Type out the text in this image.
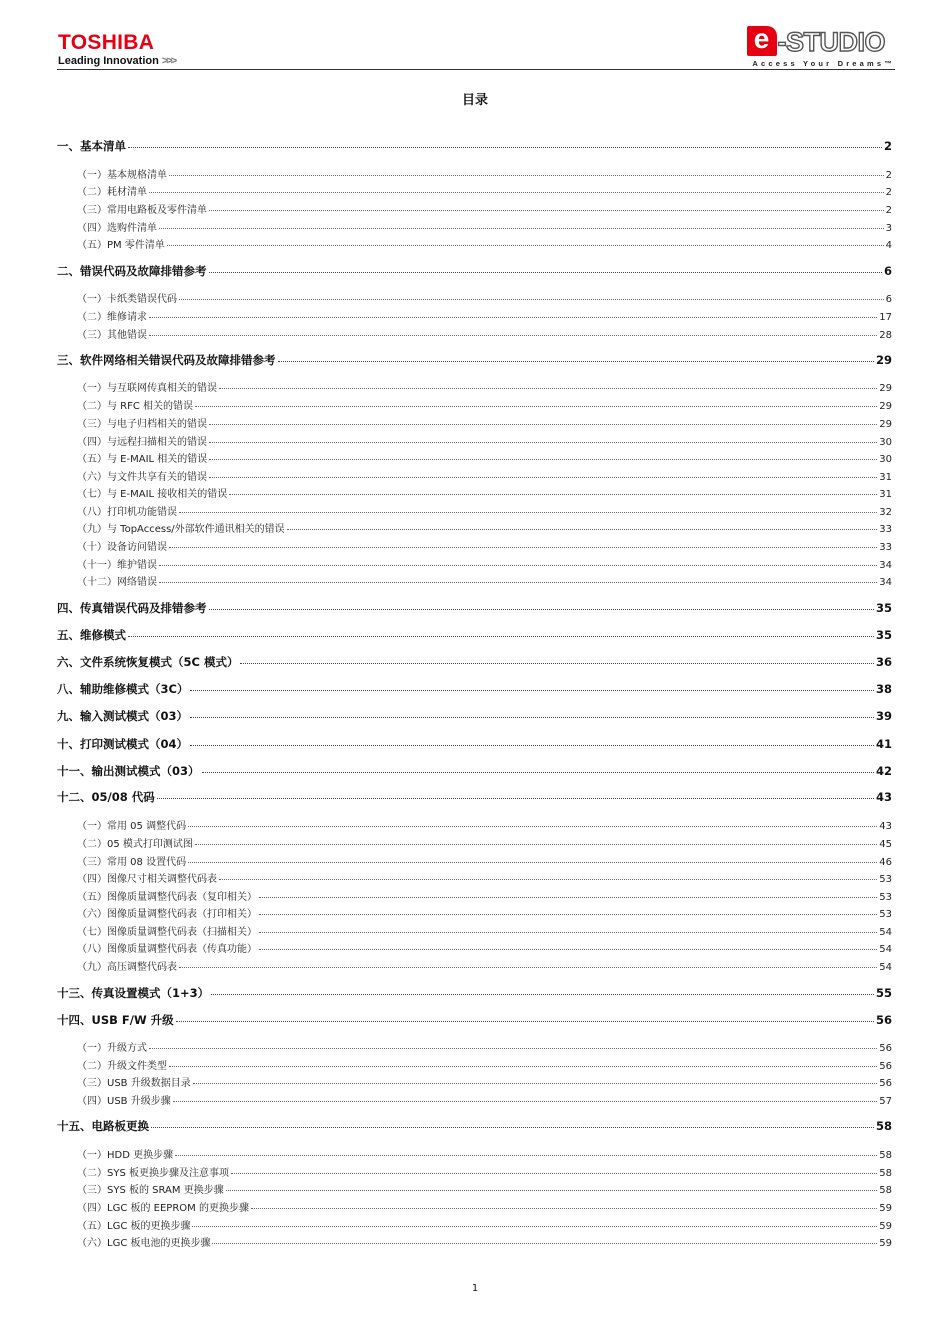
TOSHIBA
Leading Innovation >>>
e -STUDIO
Access Your Dreams™
目录
一、基本清单	2
（一）基本规格清单	2
（二）耗材清单	2
（三）常用电路板及零件清单	2
（四）选购件清单	3
（五）PM 零件清单	4
二、错误代码及故障排错参考	6
（一）卡纸类错误代码	6
（二）维修请求	17
（三）其他错误	28
三、软件网络相关错误代码及故障排错参考	29
（一）与互联网传真相关的错误	29
（二）与 RFC 相关的错误	29
（三）与电子归档相关的错误	29
（四）与远程扫描相关的错误	30
（五）与 E-MAIL 相关的错误	30
（六）与文件共享有关的错误	31
（七）与 E-MAIL 接收相关的错误	31
（八）打印机功能错误	32
（九）与 TopAccess/外部软件通讯相关的错误	33
（十）设备访问错误	33
（十一）维护错误	34
（十二）网络错误	34
四、传真错误代码及排错参考	35
五、维修模式	35
六、文件系统恢复模式（5C 模式）	36
八、辅助维修模式（3C）	38
九、输入测试模式（03）	39
十、打印测试模式（04）	41
十一、输出测试模式（03）	42
十二、05/08 代码	43
（一）常用 05 调整代码	43
（二）05 模式打印测试图	45
（三）常用 08 设置代码	46
（四）图像尺寸相关调整代码表	53
（五）图像质量调整代码表（复印相关）	53
（六）图像质量调整代码表（打印相关）	53
（七）图像质量调整代码表（扫描相关）	54
（八）图像质量调整代码表（传真功能）	54
（九）高压调整代码表	54
十三、传真设置模式（1+3）	55
十四、USB F/W 升级	56
（一）升级方式	56
（二）升级文件类型	56
（三）USB 升级数据目录	56
（四）USB 升级步骤	57
十五、电路板更换	58
（一）HDD 更换步骤	58
（二）SYS 板更换步骤及注意事项	58
（三）SYS 板的 SRAM 更换步骤	58
（四）LGC 板的 EEPROM 的更换步骤	59
（五）LGC 板的更换步骤	59
（六）LGC 板电池的更换步骤	59
1
